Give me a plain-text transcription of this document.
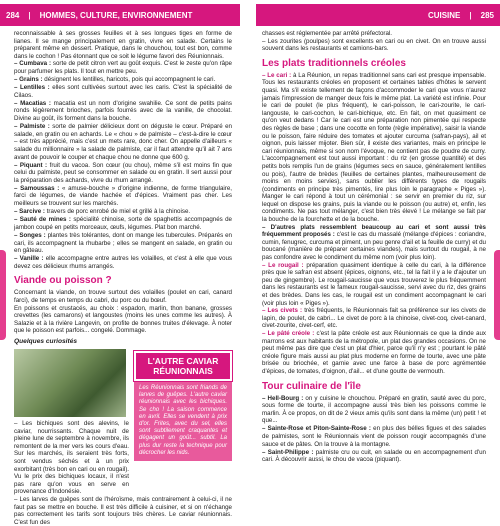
284	|	HOMMES, CULTURE, ENVIRONNEMENT	CUISINE	|	285

reconnaissable à ses grosses feuilles et à ses longues tiges en forme de lianes. Il se mange principalement en gratin, vivre en salade. Certains le préparent même en dessert. Pratique, dans le chouchou, tout est bon, comme dans le cochon ! Pas étonnant que ce soit le légume favori des Réunionnais.

– Cumbava : sorte de petit citron vert au goût exquis. C'est le zeste qu'on râpe pour parfumer les plats. Il tout en mettre peu.

– Grains : désignent les lentilles, haricots, pois qui accompagnent le cari.

– Lentilles : elles sont cultivées surtout avec les caris. C'est la spécialité de Cilaos.

– Macatias : macatia est un nom d'origine swahilie. Ce sont de petits pains ronds légèrement brioches, parfois fourrés avec de la vanille, de chocolat. Divine au goût, ils forment dans la bouche.

– Palmiste : sorte de palmier délicieux dont on déguste le cœur. Préparé en salade, en gratin ou en achards. Le « chou » de palmiste – c'est-à-dire le cœur – est très apprécié, mais c'est un mets rare, donc cher. On appelle d'ailleurs « salade du millionnaire » la salade de palmiste, car il faut attendre qu'il ait 7 ans avant de pouvoir le couper et chaque chou ne donne que 600 g.

– Piquant : fruit du vacoa. Son cœur (ou chou), même s'il est moins fin que celui du palmiste, peut se consommer en salade ou en gratin. Il sert aussi pour la préparation des achards, vivre du rhum arrangé.

– Samoussas : « amuse-bouche » d'origine indienne, de forme triangulaire, farci de légumes, de viande hachée et d'épices. Vraiment pas cher. Les meilleurs se trouvent sur les marchés.

– Sarcive : travers de porc enrobé de miel et grillé à la chinoise.

– Sauté de mines : spécialité chinoise, sorte de spaghettis accompagnés de jambon coupé en petits morceaux, œufs, légumes. Plat bon marché.

– Songes : plantes très tolérantes, dont on mange les tubercules. Préparés en cari, ils accompagnent la rhubarbe ; elles se mangent en salade, en gratin ou en gâteau.

– Vanille : elle accompagne entre autres les volailles, et c'est à elle que vous devez ces délicieux rhums arrangés.

Viande ou poisson ?

Concernant la viande, on trouve surtout des volailles (poulet en cari, canard farci), de temps en temps du cabri, du porc ou du bœuf.

En poissons et crustacés, au choix : espadon, marlin, thon banane, grosses crevettes (les camarons) et langoustes (moins les unes comme les autres). À Salazie et à la rivière Langevin, on profite de bonnes truites d'élevage. À noter que le poisson est parfois... congelé. Dommage.

Quelques curiosités

– Les bichiques sont des alevins, le caviar, nourrissants. Chaque nuit de pleine lune de septembre à novembre, ils remontent de la mer vers les cours d'eau. Sur les marchés, ils seraient très forts, sont vendus séchés et à un prix exorbitant (très bon en cari ou en rougail). Vu le prix des bichiques locaux, il n'est pas rare qu'on vous en serve en provenance d'Indonésie.

L'AUTRE CAVIAR RÉUNIONNAIS
Les Réunionnais sont friands de larves de guêpes. L'autre caviar réunionnais avec les bichiques. Se cho ! La saison commence en avril. Elles se vendent à prix d'or. Frites, avec du sel, elles sont subtilement craquantes et dégagent un goût... subtil. La plus dur reste la technique pour décrocher les nids.

– Les larves de guêpes sont de l'héroïsme, mais contrairement à celui-ci, il ne faut pas se mettre en bouche. Il est très difficile à cuisiner, et si on n'échange pas correctement les tarifs sont toujours très chères. Le caviar réunionnais. C'est fun des

chasses est réglementée par arrêté préfectoral.

– Les zourites (poulpes) sont excellents en cari ou en civet. On en trouve aussi souvent dans les restaurants et camions-bars.

Les plats traditionnels créoles

– Le cari : à La Réunion, un repas traditionnel sans cari est presque impensable. Tous les restaurants créoles en proposent et certaines tables d'hôtes le servent quasi. Ma s'il existe tellement de façons d'accommoder le cari que vous n'aurez jamais l'impression de manger deux fois le même plat. La variété est infinie. Pour le cari de poulet (le plus fréquent), le cari-poisson, le cari-zourite, le cari-langouste, le cari-cochon, le cari-bichique, etc. En fait, on met quasiment ce qu'on veut dedans ! Car le cari est une préparation non pimentée qui respecte des règles de base ; dans une cocotte en fonte (règle impérative), saisir la viande ou le poisson, faire réduire des tomates et ajouter curcuma (safran-pays), ail et oignon, puis laisser mijoter. Bien sûr, il existe des variantes, mais en principe le cari réunionnais, même si son nom l'évoque, ne contient pas de poudre de curry. L'accompagnement est tout aussi important : du riz (en grosse quantité) et des petits bols remplis l'un de grains (légumes secs en sauce, généralement lentilles ou pois), l'autre de brèdes (feuilles de certaines plantes, malheureusement de moins en moins servies), sans oublier les différents types de rougails (condiments en principe très pimentés, lire plus loin le paragraphe « Piges »). Manger le cari répond à tout un cérémonial : se servir en premier du riz, sur lequel on dispose les grains, puis la viande ou le poisson (ou autre) et, enfin, les condiments. Ne pas tout mélanger, c'est bien très élevé ! Le mélange se fait par la bouche de la fourchette et de la bouche.

– D'autres plats ressemblent beaucoup au cari et sont aussi très fréquemment proposés : c'est le cas du massalé (mélange d'épices : coriandre, cumin, fenugrec, curcuma et piment, un peu genre d'ail et la feuille de curry) et du boucané (manière de préparer certaines viandes), mais surtout du rougail, à ne pas confondre avec le condiment du même nom (voir plus loin).

– Le rougail : préparation quasiment identique à celle du cari, à la différence près que le safran est absent (épices, oignons, etc., tel la fait il y a le d'ajouter un peu de gingembre). Le rougail-saucisse que vous trouverez le plus fréquemment dans les restaurants est le fameux rougail-saucisse, servi avec du riz, des grains et des brèdes. Dans les cas, le rougail est un condiment accompagnant le cari (voir plus loin « Piges »).

– Les civets : très fréquents, le Réunionnais fait sa préférence sur les civets de lapin, de poulet, de cabri... Le civet de porc à la chinoise, civet-coq, civet-canard, civet-zourite, civet-cerf, etc.

– Le pâté créole : c'est la pâte créole est aux Réunionnais ce que la dinde aux marrons est aux habitants de la métropole, un plat des grandes occasions. On ne peut même pas dire que c'est un plat d'hier, parce qu'il n'y est ; pourtant le pâté créole figure mais aussi au plat plus moderne en forme de tourte, avec une pâte brisée ou briochée, et garnie avec une farce à base de porc agrémentée d'épices, de tomates, d'oignon, d'ail... et d'une goutte de vermouth.

Tour culinaire de l'île

– Hell-Bourg : on y cuisine le chouchou. Préparé en gratin, sauté avec du porc, sous forme de tourte, il accompagne aussi très bien les poissons comme le marlin. À ce propos, on dit de 2 vieux amis qu'ils sont dans la même (un) petit ! et que...

– Sainte-Rose et Piton-Sainte-Rose : en plus des bélles figues et des salades de palmistes, sont le Réunionnais vient de poisson rougir accompagnés d'une sauce et de pâtes. On la trouve à la montagne.

– Saint-Philippe : palmiste cru ou cuit, en salade ou en accompagnement d'un cari. À découvrir aussi, le chou de vacoa (piquant).
